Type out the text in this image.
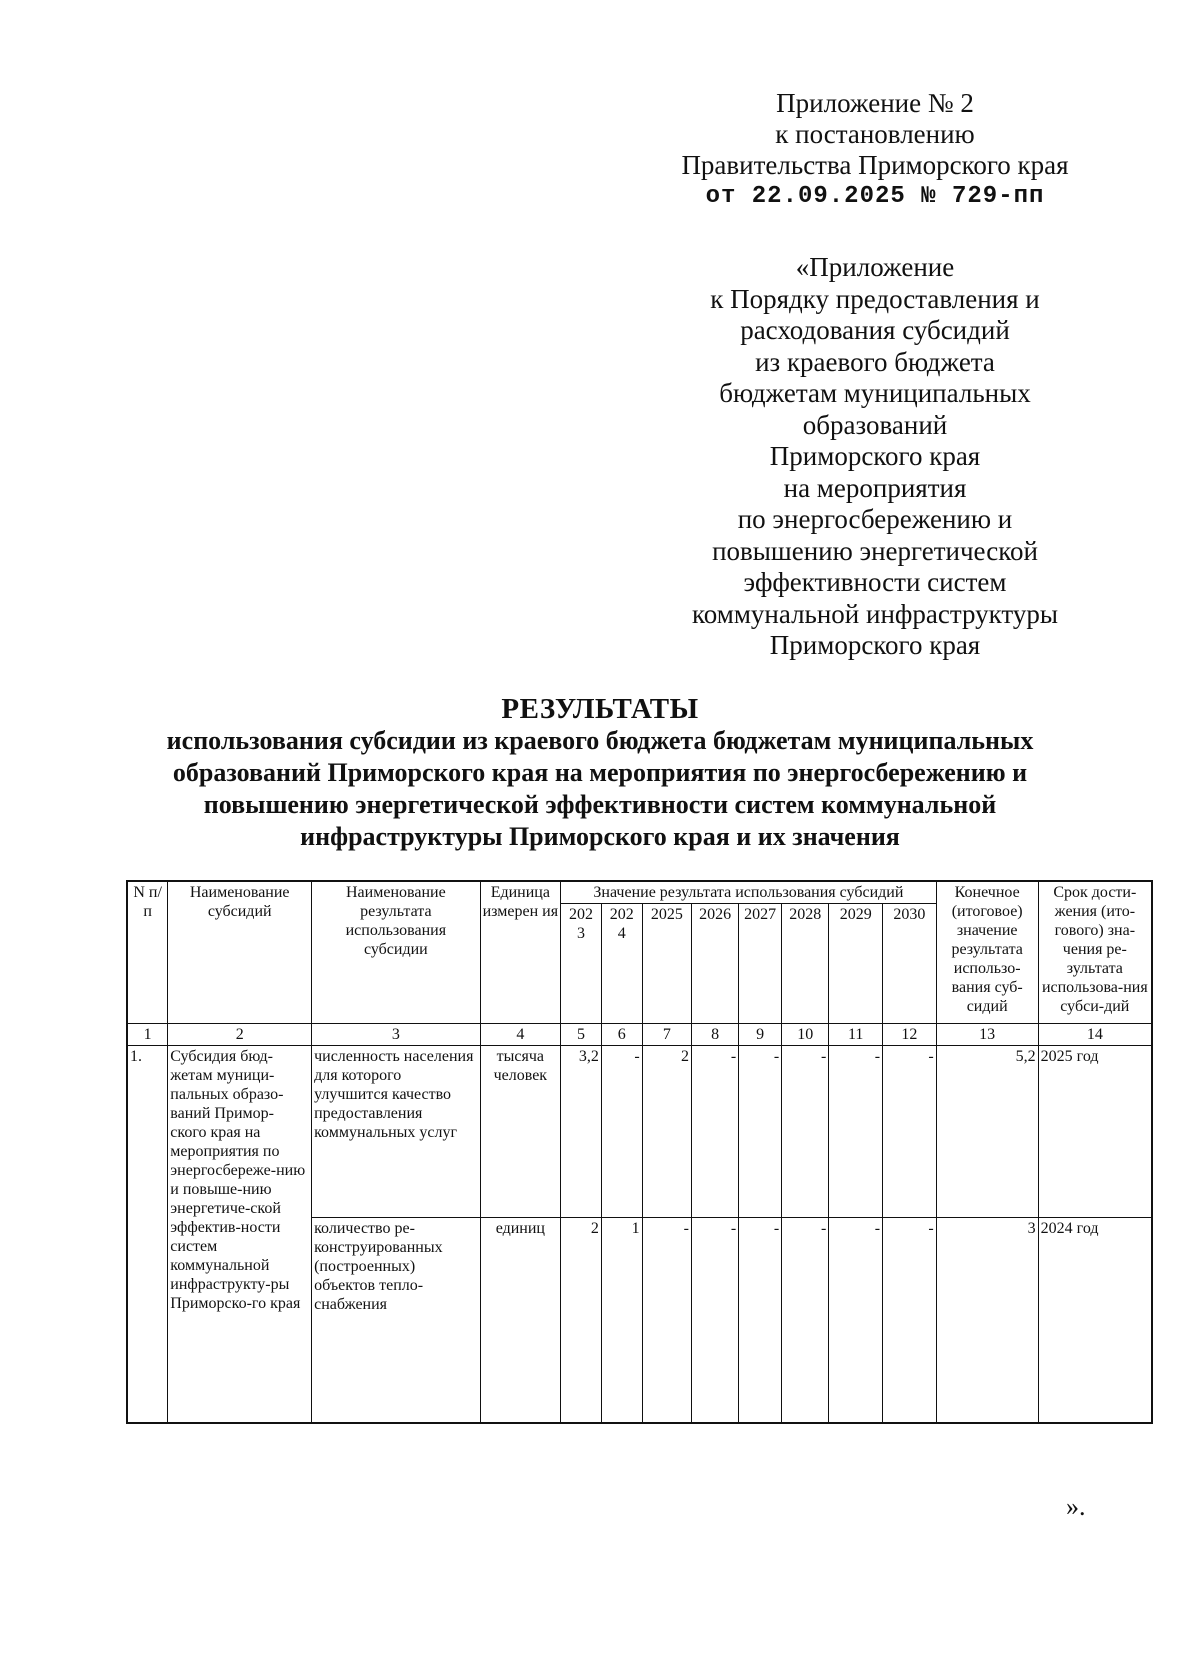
Приложение № 2
к постановлению
Правительства Приморского края
от 22.09.2025 № 729-пп
«Приложение
к Порядку предоставления и
расходования субсидий
из краевого бюджета
бюджетам муниципальных
образований
Приморского края
на мероприятия
по энергосбережению и
повышению энергетической
эффективности систем
коммунальной инфраструктуры
Приморского края
РЕЗУЛЬТАТЫ
использования субсидии из краевого бюджета бюджетам муниципальных
образований Приморского края на мероприятия по энергосбережению и
повышению энергетической эффективности систем коммунальной
инфраструктуры Приморского края и их значения
N п/п	Наименование субсидий	Наименование результата использования субсидии	Единица измерен ия	Значение результата использования субсидий								Конечное (итоговое) значение результата использо-вания суб-сидий	Срок дости-жения (ито-гового) зна-чения ре-зультата использова-ния субси-дий
				202 3	202 4	2025	2026	2027	2028	2029	2030		
1	2	3	4	5	6	7	8	9	10	11	12	13	14
1.	Субсидия бюд-жетам муници-пальных образо-ваний Примор-ского края на мероприятия по энергосбереже-нию и повыше-нию энергетиче-ской эффектив-ности систем коммунальной инфраструкту-ры Приморско-го края	численность населения для которого улучшится качество предоставления коммунальных услуг	тысяча человек	3,2	-	2	-	-	-	-	-	5,2	2025 год
		количество ре-конструированных (построенных) объектов тепло-снабжения	единиц	2	1	-	-	-	-	-	-	3	2024 год
».
